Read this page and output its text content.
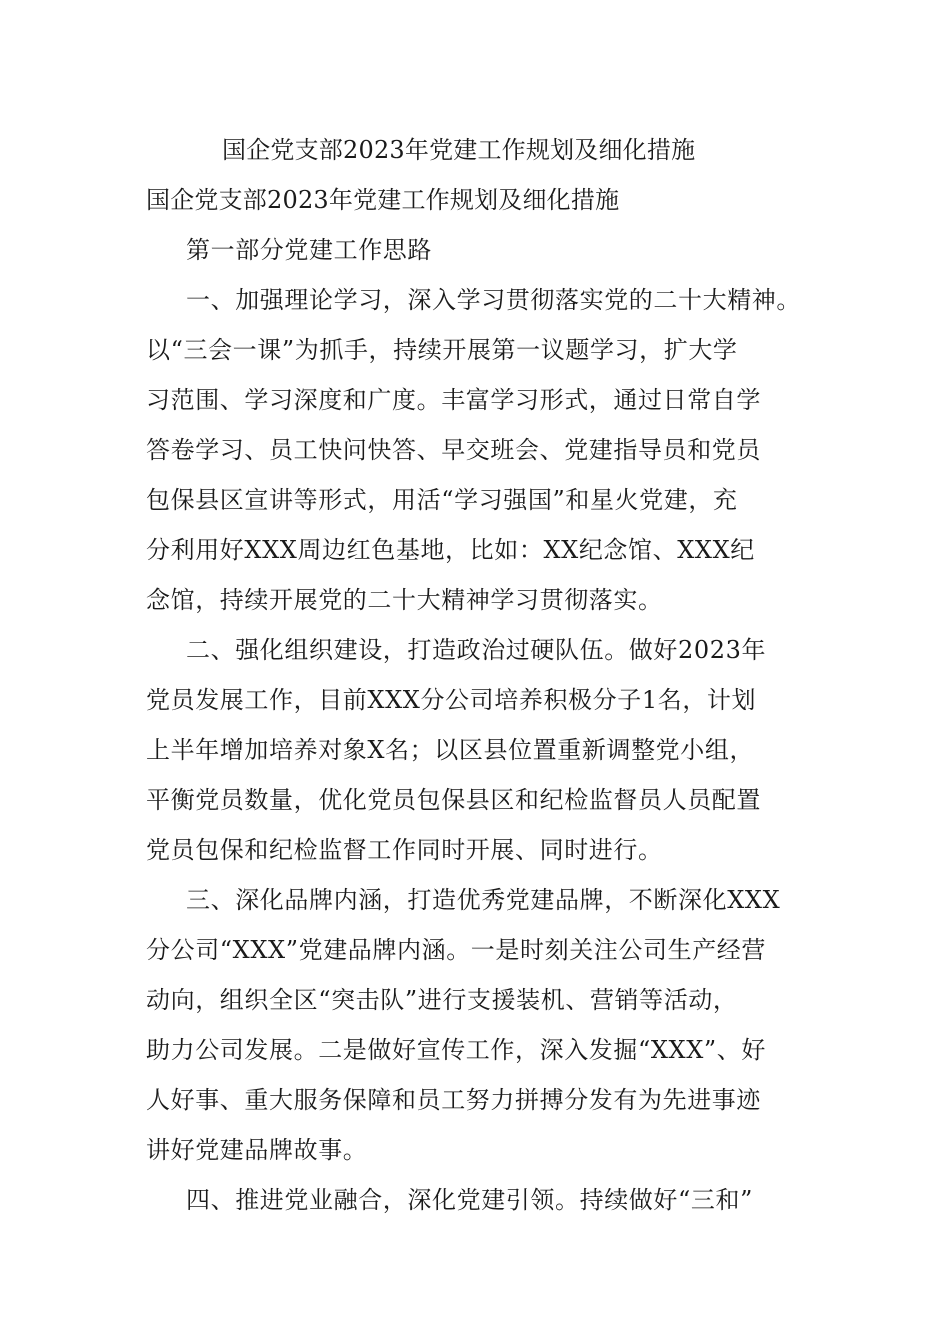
国企党支部2023年党建工作规划及细化措施
国企党支部2023年党建工作规划及细化措施
第一部分党建工作思路
一、加强理论学习，深入学习贯彻落实党的二十大精神。
以“三会一课”为抓手，持续开展第一议题学习，扩大学
习范围、学习深度和广度。丰富学习形式，通过日常自学
答卷学习、员工快问快答、早交班会、党建指导员和党员
包保县区宣讲等形式，用活“学习强国”和星火党建，充
分利用好XXX周边红色基地，比如：XX纪念馆、XXX纪
念馆，持续开展党的二十大精神学习贯彻落实。
二、强化组织建设，打造政治过硬队伍。做好2023年
党员发展工作，目前XXX分公司培养积极分子1名，计划
上半年增加培养对象X名；以区县位置重新调整党小组，
平衡党员数量，优化党员包保县区和纪检监督员人员配置
党员包保和纪检监督工作同时开展、同时进行。
三、深化品牌内涵，打造优秀党建品牌，不断深化XXX
分公司“XXX”党建品牌内涵。一是时刻关注公司生产经营
动向，组织全区“突击队”进行支援装机、营销等活动，
助力公司发展。二是做好宣传工作，深入发掘“XXX”、好
人好事、重大服务保障和员工努力拼搏分发有为先进事迹
讲好党建品牌故事。
四、推进党业融合，深化党建引领。持续做好“三和”
